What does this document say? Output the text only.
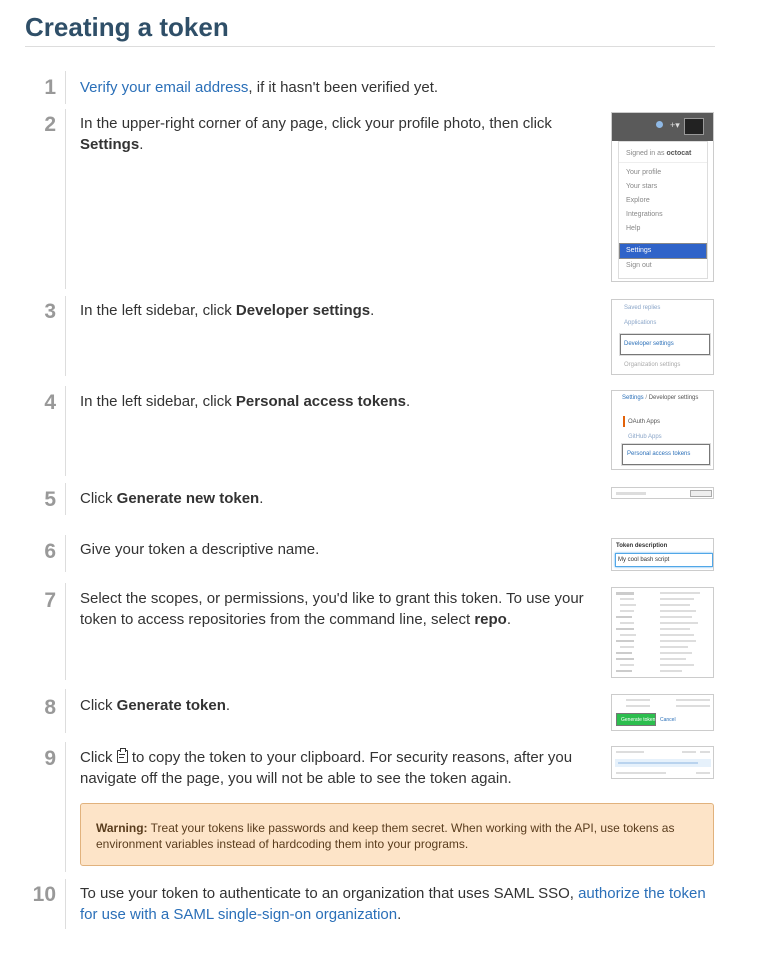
Creating a token
1 Verify your email address, if it hasn't been verified yet.
2 In the upper-right corner of any page, click your profile photo, then click Settings.
+▾
Signed in as octocat
Your profile
Your stars
Explore
Integrations
Help
Settings
Sign out
3 In the left sidebar, click Developer settings.	Saved replies
Applications
Developer settings
Organization settings
4 In the left sidebar, click Personal access tokens.	Settings / Developer settings
OAuth Apps
GitHub Apps
Personal access tokens
5 Click Generate new token.
6 Give your token a descriptive name.	Token description
My cool bash script
7 Select the scopes, or permissions, you'd like to grant this token. To use your token to access repositories from the command line, select repo.
8 Click Generate token.
Generate token Cancel
9 Click
to copy the token to your clipboard. For security reasons, after you navigate off the page, you will not be able to see the token again.
Warning: Treat your tokens like passwords and keep them secret. When working with the API, use tokens as environment variables instead of hardcoding them into your programs.
10 To use your token to authenticate to an organization that uses SAML SSO, authorize the token for use with a SAML single-sign-on organization.
